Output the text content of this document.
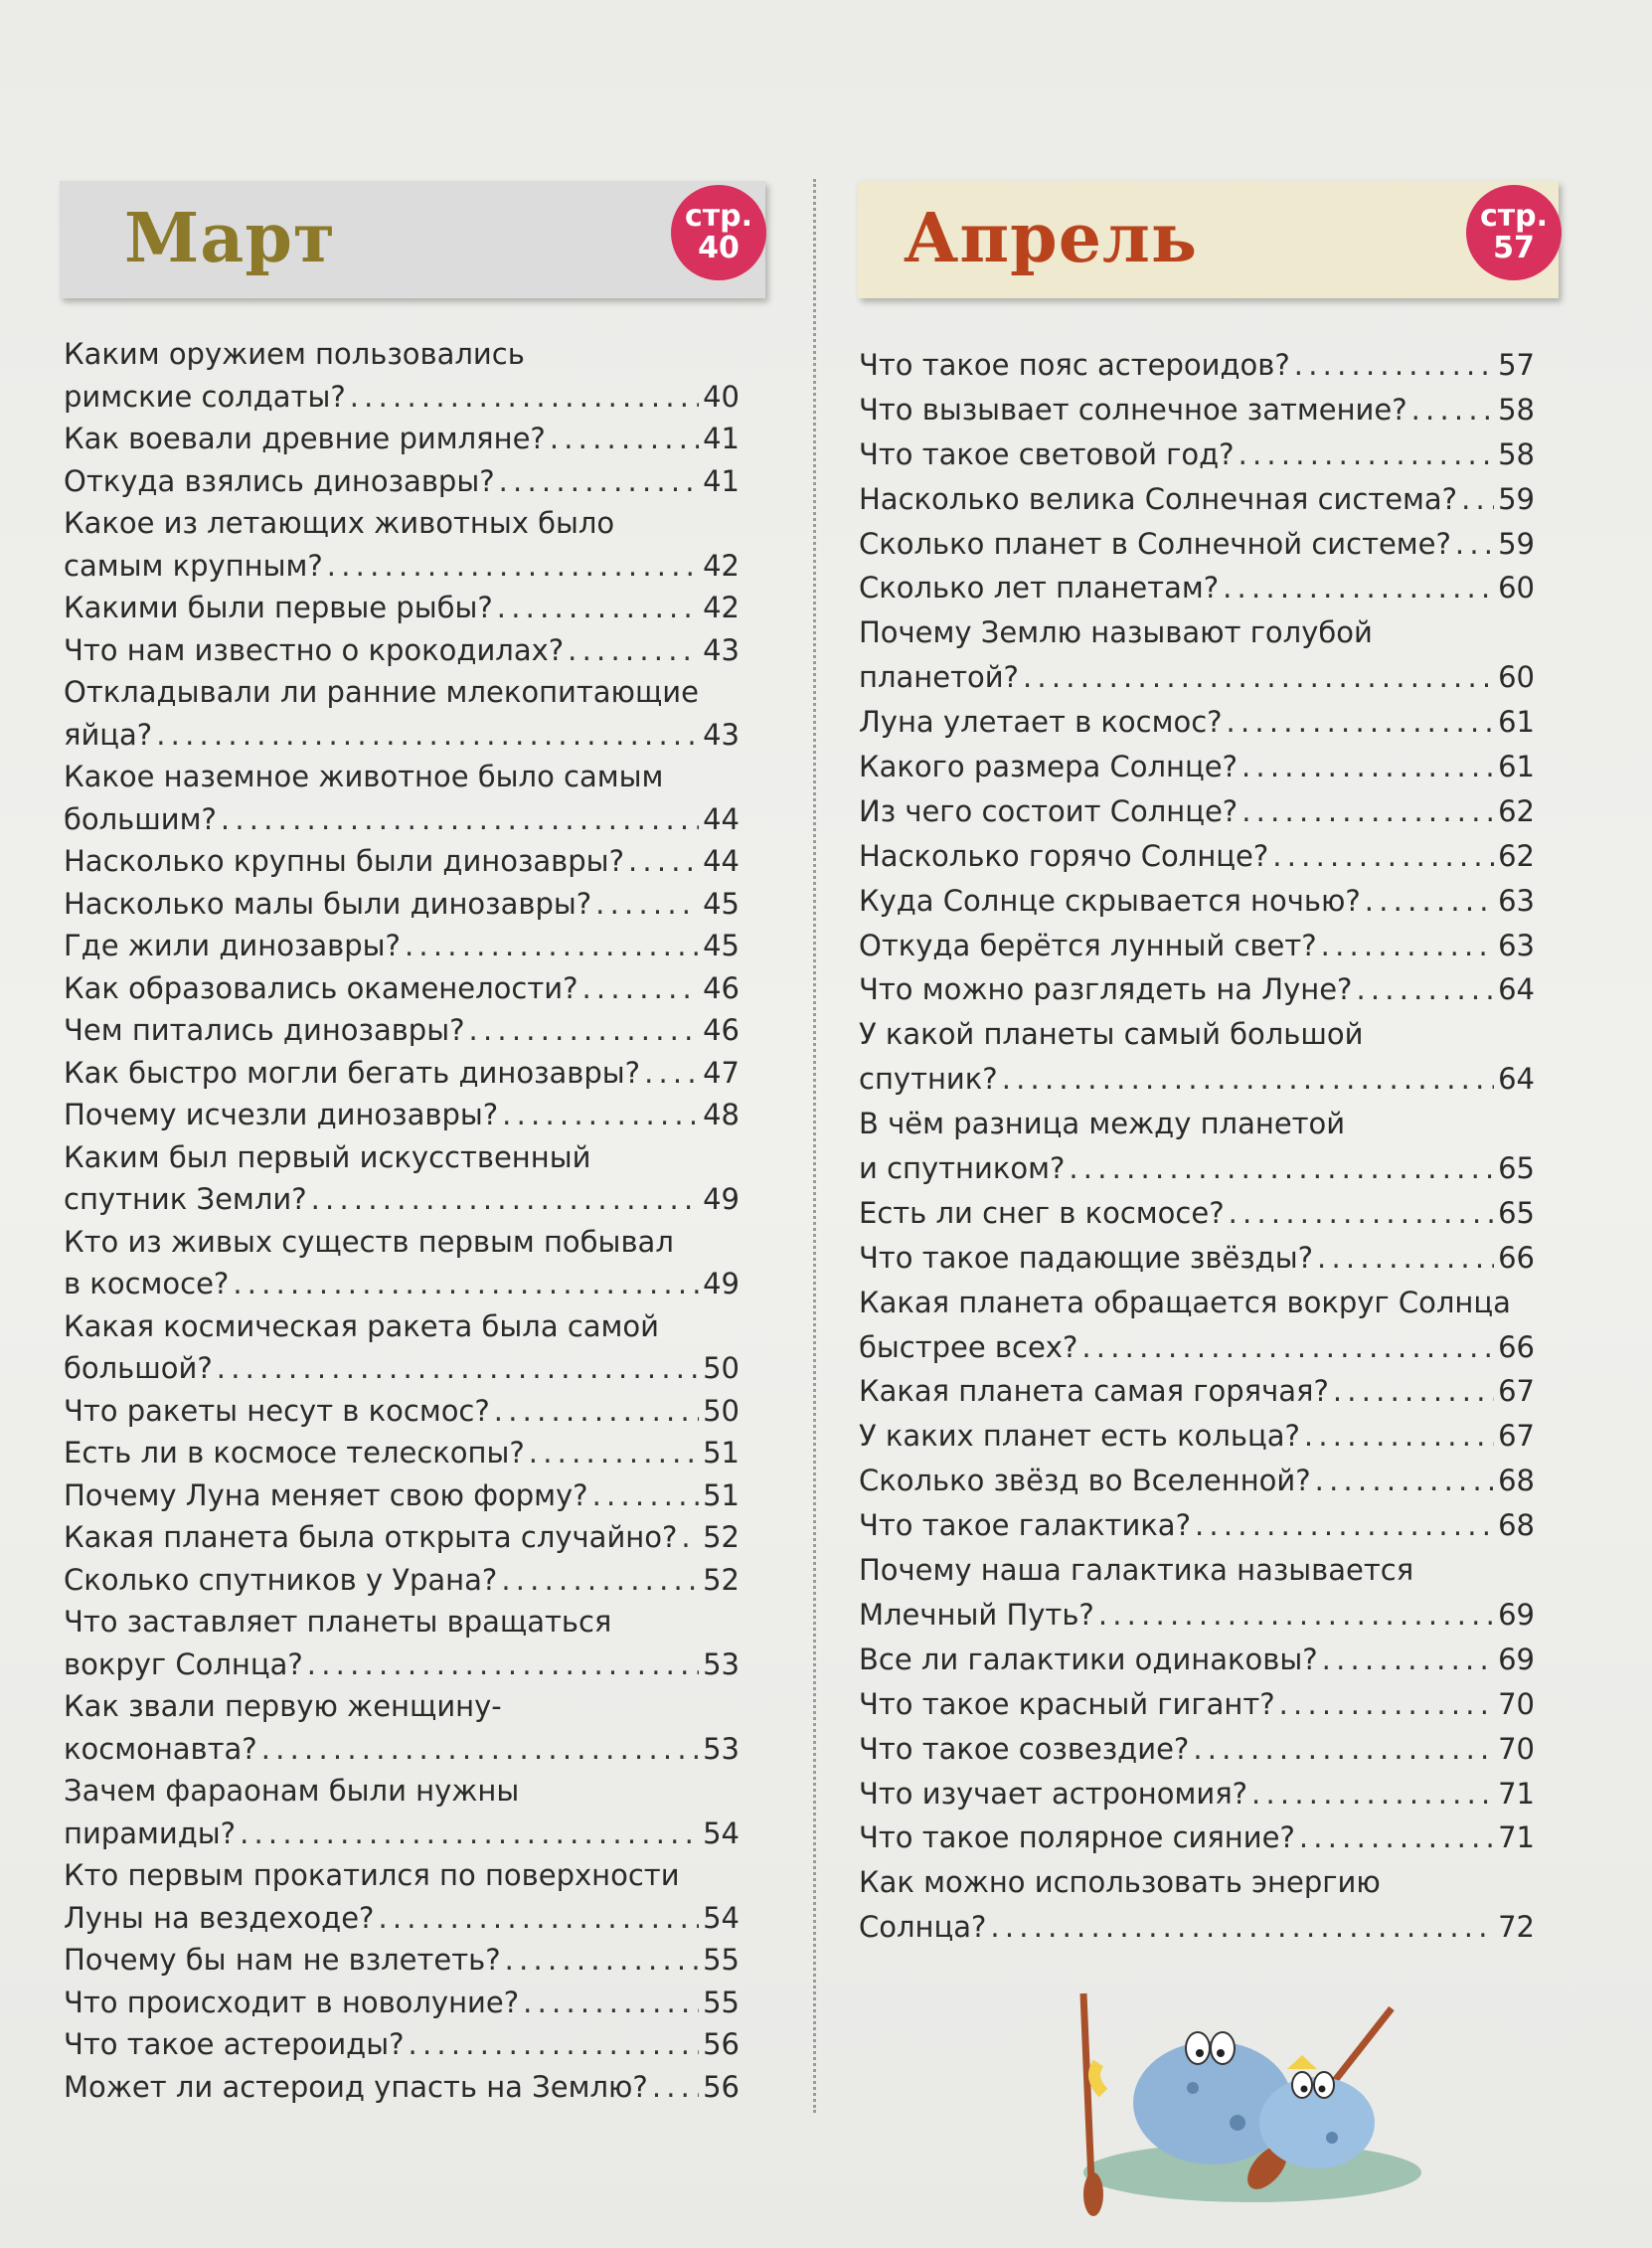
Март	стр.
40 Апрель	стр.
57
Каким оружием пользовались
римские солдаты? . . .	40
Как воевали древние римляне? . . .	41
Откуда взялись динозавры? . . .	41
Какое из летающих животных было
самым крупным? . . .	42
Какими были первые рыбы? . . .	42
Что нам известно о крокодилах? . . .	43
Откладывали ли ранние млекопитающие
яйца? . . .	43
Какое наземное животное было самым
большим? . . .	44
Насколько крупны были динозавры? . . .	44
Насколько малы были динозавры? . . .	45
Где жили динозавры? . . .	45
Как образовались окаменелости? . . .	46
Чем питались динозавры? . . .	46
Как быстро могли бегать динозавры? . . . 47
Почему исчезли динозавры? . . .	48
Каким был первый искусственный
спутник Земли? . . .	49
Кто из живых существ первым побывал
в космосе? . . .	49
Какая космическая ракета была самой
большой? . . .	50
Что ракеты несут в космос? . . .	50
Есть ли в космосе телескопы? . . .	51
Почему Луна меняет свою форму? . . .	51
Какая планета была открыта случайно? . . . 52
Сколько спутников у Урана? . . .	52
Что заставляет планеты вращаться
вокруг Солнца? . . .	53
Как звали первую женщину-
космонавта? . . .	53
Зачем фараонам были нужны
пирамиды? . . .	54
Кто первым прокатился по поверхности
Луны на вездеходе? . . .	54
Почему бы нам не взлететь? . . .	55
Что происходит в новолуние? . . .	55
Что такое астероиды? . . .	56
Может ли астероид упасть на Землю? . . . 56
Что такое пояс астероидов? . . .	57
Что вызывает солнечное затмение? . . .	58
Что такое световой год? . . .	58
Насколько велика Солнечная система? . . . 59
Сколько планет в Солнечной системе? . . . 59
Сколько лет планетам? . . .	60
Почему Землю называют голубой
планетой? . . .	60
Луна улетает в космос? . . .	61
Какого размера Солнце? . . .	61
Из чего состоит Солнце? . . .	62
Насколько горячо Солнце? . . .	62
Куда Солнце скрывается ночью? . . .	63
Откуда берётся лунный свет? . . .	63
Что можно разглядеть на Луне? . . .	64
У какой планеты самый большой
спутник? . . .	64
В чём разница между планетой
и спутником? . . .	65
Есть ли снег в космосе? . . .	65
Что такое падающие звёзды? . . .	66
Какая планета обращается вокруг Солнца
быстрее всех? . . .	66
Какая планета самая горячая? . . .	67
У каких планет есть кольца? . . .	67
Сколько звёзд во Вселенной? . . .	68
Что такое галактика? . . .	68
Почему наша галактика называется
Млечный Путь? . . .	69
Все ли галактики одинаковы? . . .	69
Что такое красный гигант? . . .	70
Что такое созвездие? . . .	70
Что изучает астрономия? . . .	71
Что такое полярное сияние? . . .	71
Как можно использовать энергию
Солнца? . . .	72
